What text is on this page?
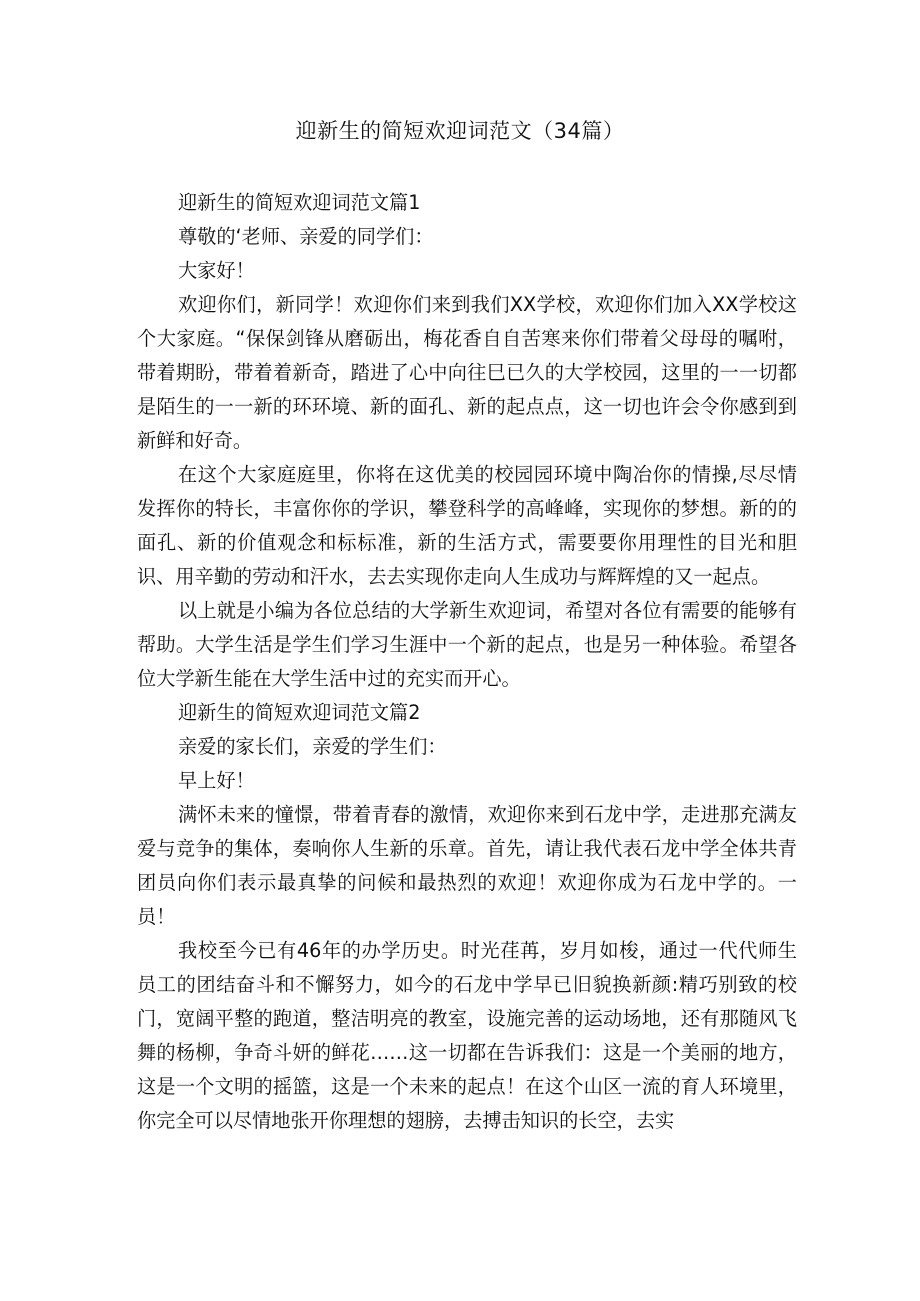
迎新生的简短欢迎词范文（34篇）

迎新生的简短欢迎词范文篇1

尊敬的‘老师、亲爱的同学们：

大家好！

欢迎你们，新同学！欢迎你们来到我们XX学校，欢迎你们加入XX学校这个大家庭。“保保剑锋从磨砺出，梅花香自自苦寒来你们带着父母母的嘱咐，带着期盼，带着着新奇，踏进了心中向往巳已久的大学校园，这里的一一切都是陌生的一一新的环环境、新的面孔、新的起点点，这一切也许会令你感到到新鲜和好奇。

在这个大家庭庭里，你将在这优美的校园园环境中陶冶你的情操,尽尽情发挥你的特长，丰富你你的学识，攀登科学的高峰峰，实现你的梦想。新的的面孔、新的价值观念和标标准，新的生活方式，需要要你用理性的目光和胆识、用辛勤的劳动和汗水，去去实现你走向人生成功与辉辉煌的又一起点。

以上就是小编为各位总结的大学新生欢迎词，希望对各位有需要的能够有帮助。大学生活是学生们学习生涯中一个新的起点，也是另一种体验。希望各位大学新生能在大学生活中过的充实而开心。

迎新生的简短欢迎词范文篇2

亲爱的家长们，亲爱的学生们：

早上好！

满怀未来的憧憬，带着青春的激情，欢迎你来到石龙中学，走进那充满友爱与竞争的集体，奏响你人生新的乐章。首先，请让我代表石龙中学全体共青团员向你们表示最真挚的问候和最热烈的欢迎！欢迎你成为石龙中学的。一员！

我校至今已有46年的办学历史。时光荏苒，岁月如梭，通过一代代师生员工的团结奋斗和不懈努力，如今的石龙中学早已旧貌换新颜:精巧别致的校门，宽阔平整的跑道，整洁明亮的教室，设施完善的运动场地，还有那随风飞舞的杨柳，争奇斗妍的鲜花……这一切都在告诉我们：这是一个美丽的地方，这是一个文明的摇篮，这是一个未来的起点！在这个山区一流的育人环境里，你完全可以尽情地张开你理想的翅膀，去搏击知识的长空，去实
